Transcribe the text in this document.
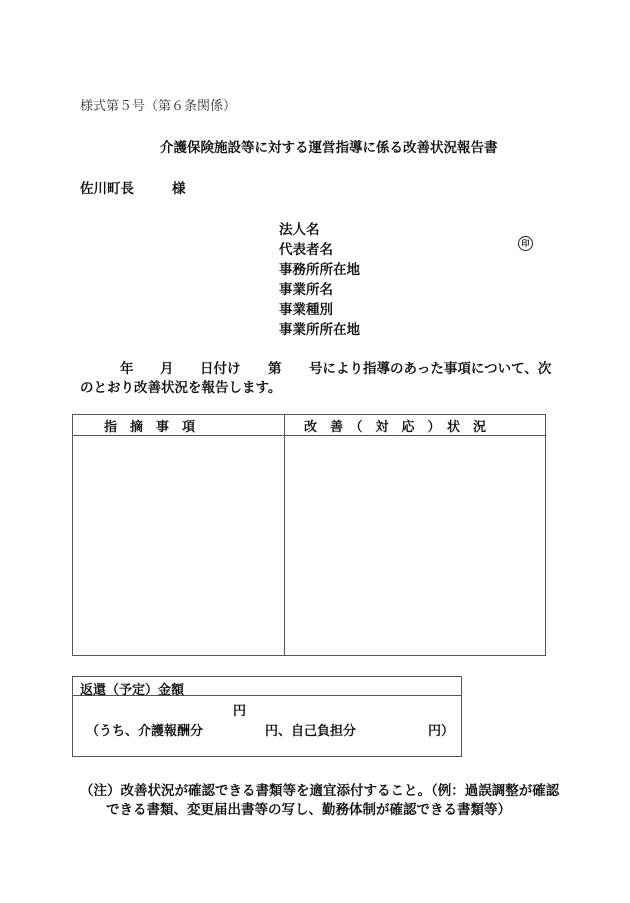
様式第５号（第６条関係）
介護保険施設等に対する運営指導に係る改善状況報告書
佐川町長	様
法人名
代表者名	印
事務所所在地
事業所名
事業種別
事業所所在地
年 月 日付け 第 号により指導のあった事項について、次
のとおり改善状況を報告します。
指　摘　事　項	改　善　（　対　応　）　状　況

返還（予定）金額
円
（うち、介護報酬分	円、自己負担分	円）
（注）改善状況が確認できる書類等を適宜添付すること。（例：過誤調整が確認
できる書類、変更届出書等の写し、勤務体制が確認できる書類等）
